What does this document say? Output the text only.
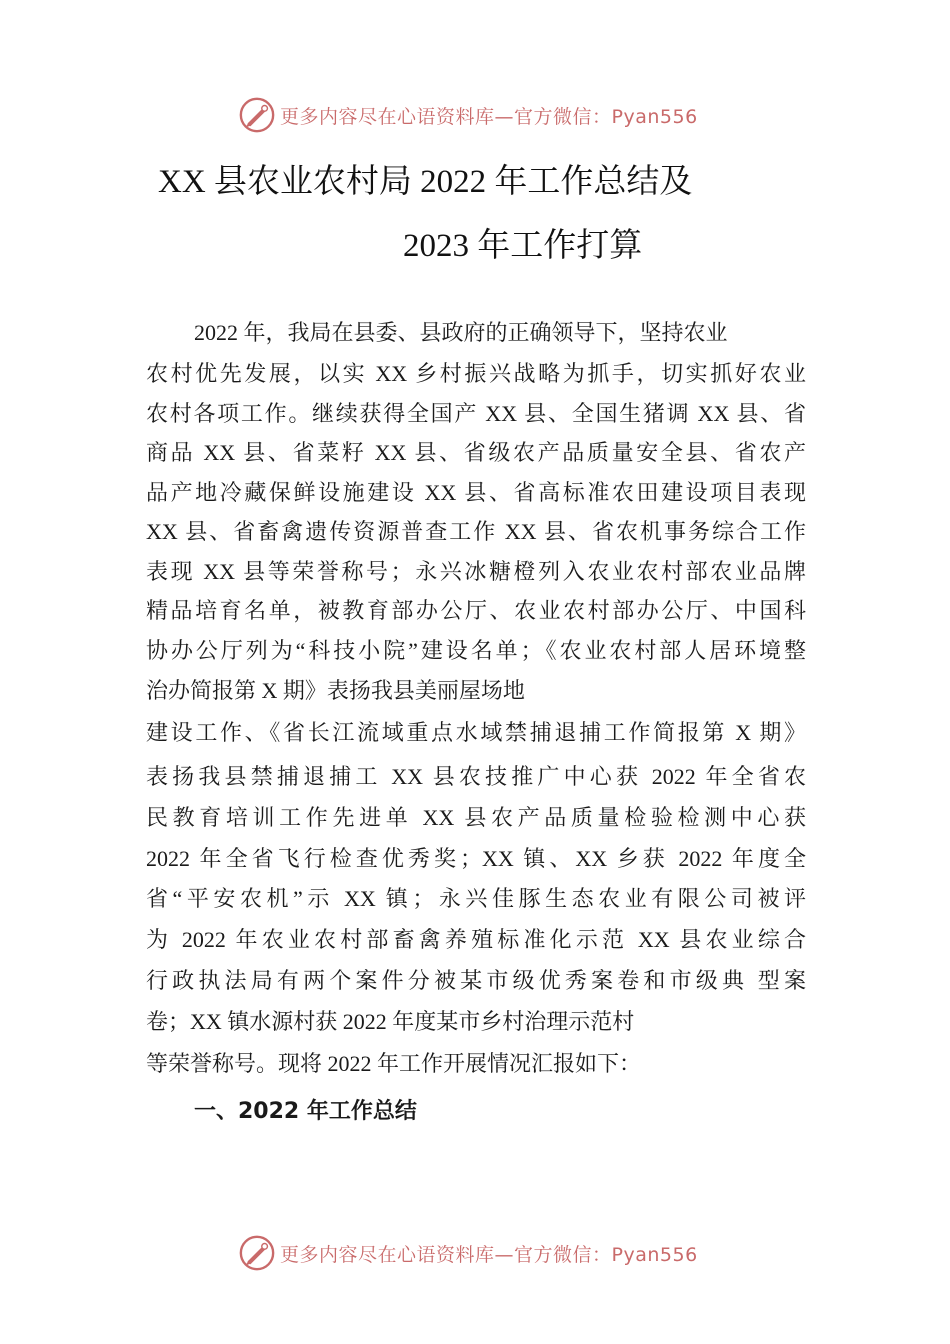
更多内容尽在心语资料库—官方微信：Pyan556
XX 县农业农村局 2022 年工作总结及
2023 年工作打算
2022 年，我局在县委、县政府的正确领导下，坚持农业
农村优先发展，以实 XX 乡村振兴战略为抓手，切实抓好农业
农村各项工作。继续获得全国产 XX 县、全国生猪调 XX 县、省
商品 XX 县、省菜籽 XX 县、省级农产品质量安全县、省农产
品产地冷藏保鲜设施建设 XX 县、省高标准农田建设项目表现
XX 县、省畜禽遗传资源普查工作 XX 县、省农机事务综合工作
表现 XX 县等荣誉称号；永兴冰糖橙列入农业农村部农业品牌
精品培育名单，被教育部办公厅、农业农村部办公厅、中国科
协办公厅列为“科技小院”建设名单；《农业农村部人居环境整
治办简报第 X 期》表扬我县美丽屋场地
建设工作、《省长江流域重点水域禁捕退捕工作简报第 X 期》
表扬我县禁捕退捕工 XX 县农技推广中心获 2022 年全省农
民教育培训工作先进单 XX 县农产品质量检验检测中心获
2022 年全省飞行检查优秀奖；XX 镇、XX 乡获 2022 年度全
省“平安农机”示 XX 镇；永兴佳豚生态农业有限公司被评
为 2022 年农业农村部畜禽养殖标准化示范 XX 县农业综合
行政执法局有两个案件分被某市级优秀案卷和市级典 型案
卷；XX 镇水源村获 2022 年度某市乡村治理示范村
等荣誉称号。现将 2022 年工作开展情况汇报如下：
一、2022 年工作总结
更多内容尽在心语资料库—官方微信：Pyan556
